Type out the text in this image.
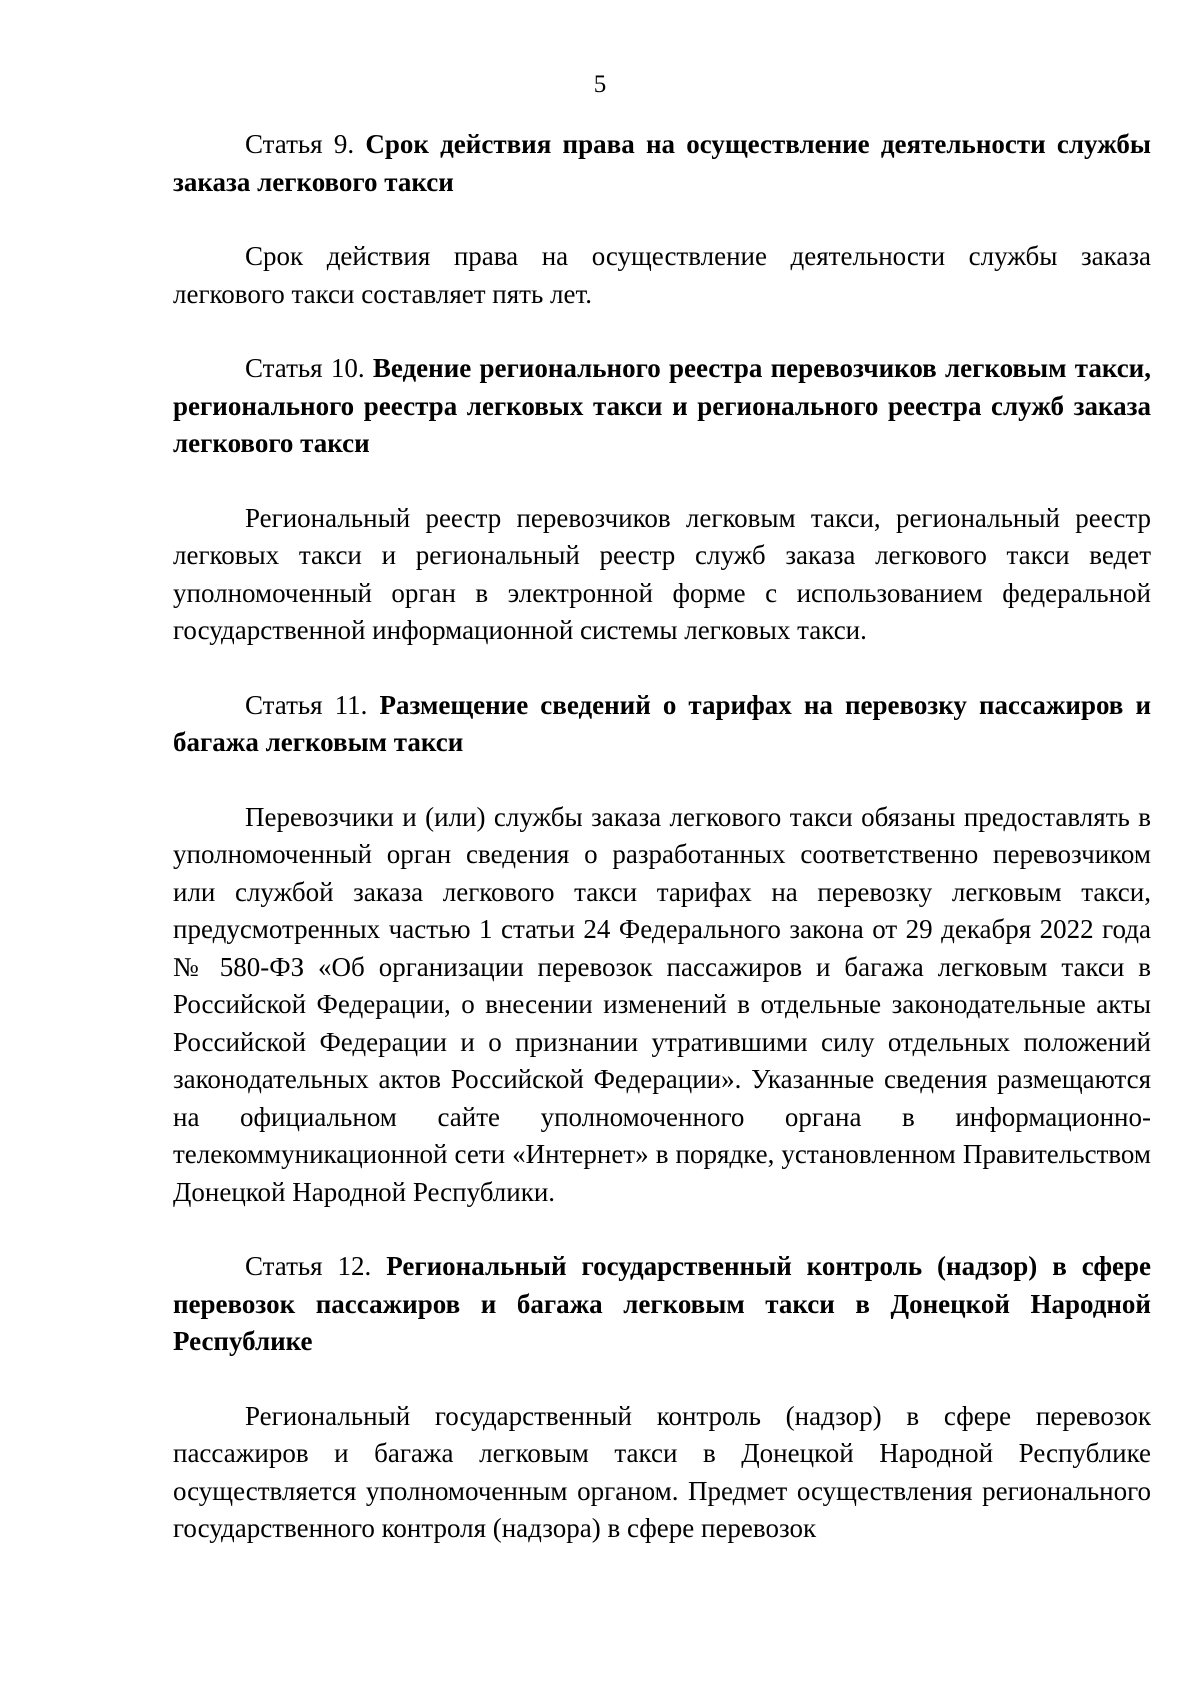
5

Статья 9. Срок действия права на осуществление деятельности службы заказа легкового такси

Срок действия права на осуществление деятельности службы заказа легкового такси составляет пять лет.

Статья 10. Ведение регионального реестра перевозчиков легковым такси, регионального реестра легковых такси и регионального реестра служб заказа легкового такси

Региональный реестр перевозчиков легковым такси, региональный реестр легковых такси и региональный реестр служб заказа легкового такси ведет уполномоченный орган в электронной форме с использованием федеральной государственной информационной системы легковых такси.

Статья 11. Размещение сведений о тарифах на перевозку пассажиров и багажа легковым такси

Перевозчики и (или) службы заказа легкового такси обязаны предоставлять в уполномоченный орган сведения о разработанных соответственно перевозчиком или службой заказа легкового такси тарифах на перевозку легковым такси, предусмотренных частью 1 статьи 24 Федерального закона от 29 декабря 2022 года № 580-ФЗ «Об организации перевозок пассажиров и багажа легковым такси в Российской Федерации, о внесении изменений в отдельные законодательные акты Российской Федерации и о признании утратившими силу отдельных положений законодательных актов Российской Федерации». Указанные сведения размещаются на официальном сайте уполномоченного органа в информационно-телекоммуникационной сети «Интернет» в порядке, установленном Правительством Донецкой Народной Республики.

Статья 12. Региональный государственный контроль (надзор) в сфере перевозок пассажиров и багажа легковым такси в Донецкой Народной Республике

Региональный государственный контроль (надзор) в сфере перевозок пассажиров и багажа легковым такси в Донецкой Народной Республике осуществляется уполномоченным органом. Предмет осуществления регионального государственного контроля (надзора) в сфере перевозок
